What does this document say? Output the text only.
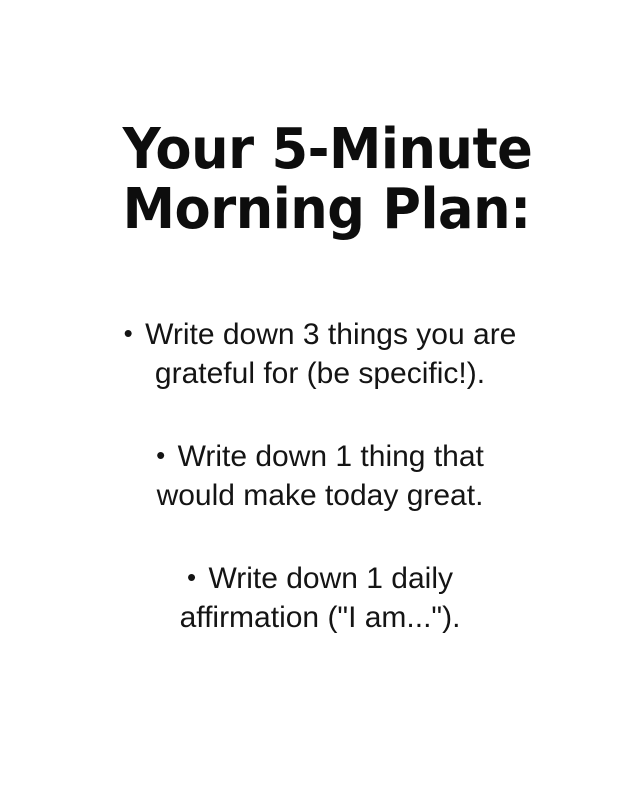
Your 5-Minute
Morning Plan:
• Write down 3 things you are
grateful for (be specific!).
• Write down 1 thing that
would make today great.
• Write down 1 daily
affirmation ("I am...").
